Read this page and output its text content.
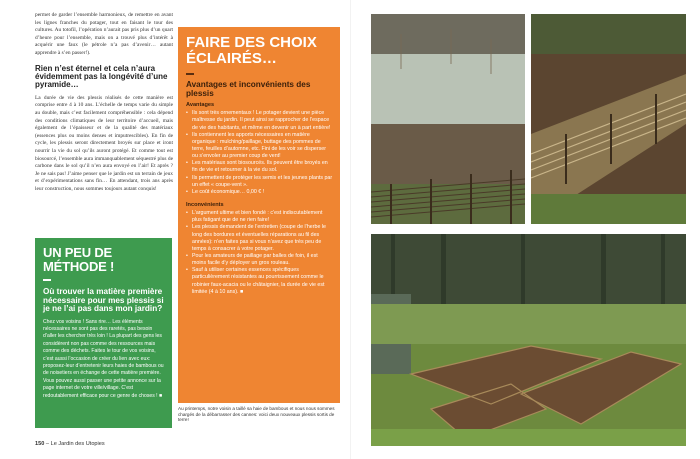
permet de garder l’ensemble harmonieux, de remettre en avant les lignes franches du potager, tout en faisant le tour des cultures. Au totofil, l’opération n’aurait pas pris plus d’un quart d’heure pour l’ensemble, mais on a trouvé plus d’intérêt à acquérir une faux (le pétrole n’a pas d’avenir… autant apprendre à s’en passer!).

Rien n’est éternel et cela n’aura évidemment pas la longévité d’une pyramide…

La durée de vie des plessis réalisés de cette manière est comprise entre 4 à 10 ans. L’échelle de temps varie du simple au double, mais c’est facilement compréhensible : cela dépend des conditions climatiques de leur territoire d’accueil, mais également de l’épaisseur et de la qualité des matériaux (essences plus ou moins denses et imputrescibles). En fin de cycle, les plessis seront directement broyés sur place et iront nourrir la vie du sol qu’ils auront protégé. Et comme tout est biosourcé, l’ensemble aura immanquablement séquestré plus de carbone dans le sol qu’il n’en aura envoyé en l’air! Et après ? Je ne sais pas! J’aime penser que le jardin est un terrain de jeux et d’expérimentations sans fin… En attendant, trois ans après leur construction, nous sommes toujours autant conquis!

UN PEU DE MÉTHODE !
Où trouver la matière première nécessaire pour mes plessis si je ne l’ai pas dans mon jardin?

Chez vos voisins ! Sans rire… Les éléments nécessaires ne sont pas des raretés, pas besoin d’aller les chercher très loin ! La plupart des gens les considèrent non pas comme des ressources mais comme des déchets. Faites le tour de vos voisins, c’est aussi l’occasion de créer du lien avec eux: proposez-leur d’entretenir leurs haies de bambous ou de noisetiers en échange de cette matière première. Vous pouvez aussi passer une petite annonce sur la page internet de votre ville/village. C’est redoutablement efficace pour ce genre de choses ! ■

FAIRE DES CHOIX ÉCLAIRÉS…
Avantages et inconvénients des plessis
Avantages
• Ils sont très ornementaux ! Le potager devient une pièce maîtresse du jardin. Il peut ainsi se rapprocher de l’espace de vie des habitants, et même en devenir un à part entière!
• Ils contiennent les apports nécessaires en matière organique : mulching/paillage, buttage des pommes de terre, feuilles d’automne, etc. Fini de les voir se disperser ou s’envoler au premier coup de vent!
• Les matériaux sont biosourcés. Ils peuvent être broyés en fin de vie et retourner à la vie du sol.
• Ils permettent de protéger les semis et les jeunes plants par un effet « coupe-vent ».
• Le coût économique… 0,00 € !
Inconvénients
• L’argument ultime et bien fondé : c’est indiscutablement plus fatigant que de ne rien faire!
• Les plessis demandent de l’entretien (coupe de l’herbe le long des bordures et éventuelles réparations au fil des années): n’en faites pas si vous n’avez que très peu de temps à consacrer à votre potager.
• Pour les amateurs de paillage par balles de foin, il est moins facile d’y déployer un gros rouleau.
• Sauf à utiliser certaines essences spécifiques particulièrement résistantes au pourrissement comme le robinier faux-acacia ou le châtaignier, la durée de vie est limitée (4 à 10 ans). ■
Au printemps, notre voisin a taillé sa haie de bambous et nous nous sommes chargés de la débarrasser des cannes: voici deux nouveaux plessis sortis de terre!
150 – Le Jardin des Utopies
